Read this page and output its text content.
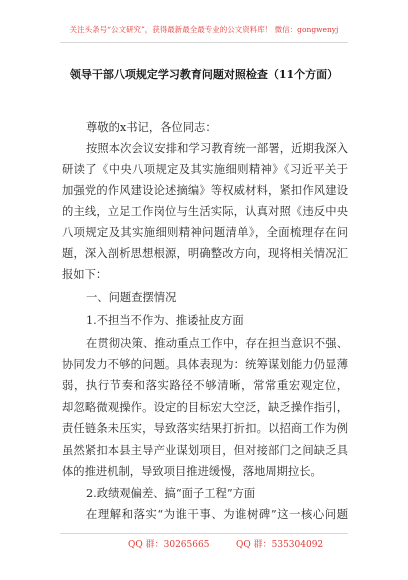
关注头条号“公文研究”，获得最新最全最专业的公文资料库！ 微信：gongwenyj
领导干部八项规定学习教育问题对照检查（11个方面）
尊敬的x书记，各位同志：
按照本次会议安排和学习教育统一部署，近期我深入
研读了《中央八项规定及其实施细则精神》《习近平关于
加强党的作风建设论述摘编》等权威材料，紧扣作风建设
的主线，立足工作岗位与生活实际，认真对照《违反中央
八项规定及其实施细则精神问题清单》，全面梳理存在问
题，深入剖析思想根源，明确整改方向，现将相关情况汇
报如下：
一、问题查摆情况
1.不担当不作为、推诿扯皮方面
在贯彻决策、推动重点工作中，存在担当意识不强、
协同发力不够的问题。具体表现为：统筹谋划能力仍显薄
弱，执行节奏和落实路径不够清晰，常常重宏观定位，
却忽略微观操作。设定的目标宏大空泛，缺乏操作指引，
责任链条未压实，导致落实结果打折扣。以招商工作为例
虽然紧扣本县主导产业谋划项目，但对接部门之间缺乏具
体的推进机制，导致项目推进缓慢，落地周期拉长。
2.政绩观偏差、搞“面子工程”方面
在理解和落实“为谁干事、为谁树碑”这一核心问题
QQ 群：30265665	QQ 群：535304092
